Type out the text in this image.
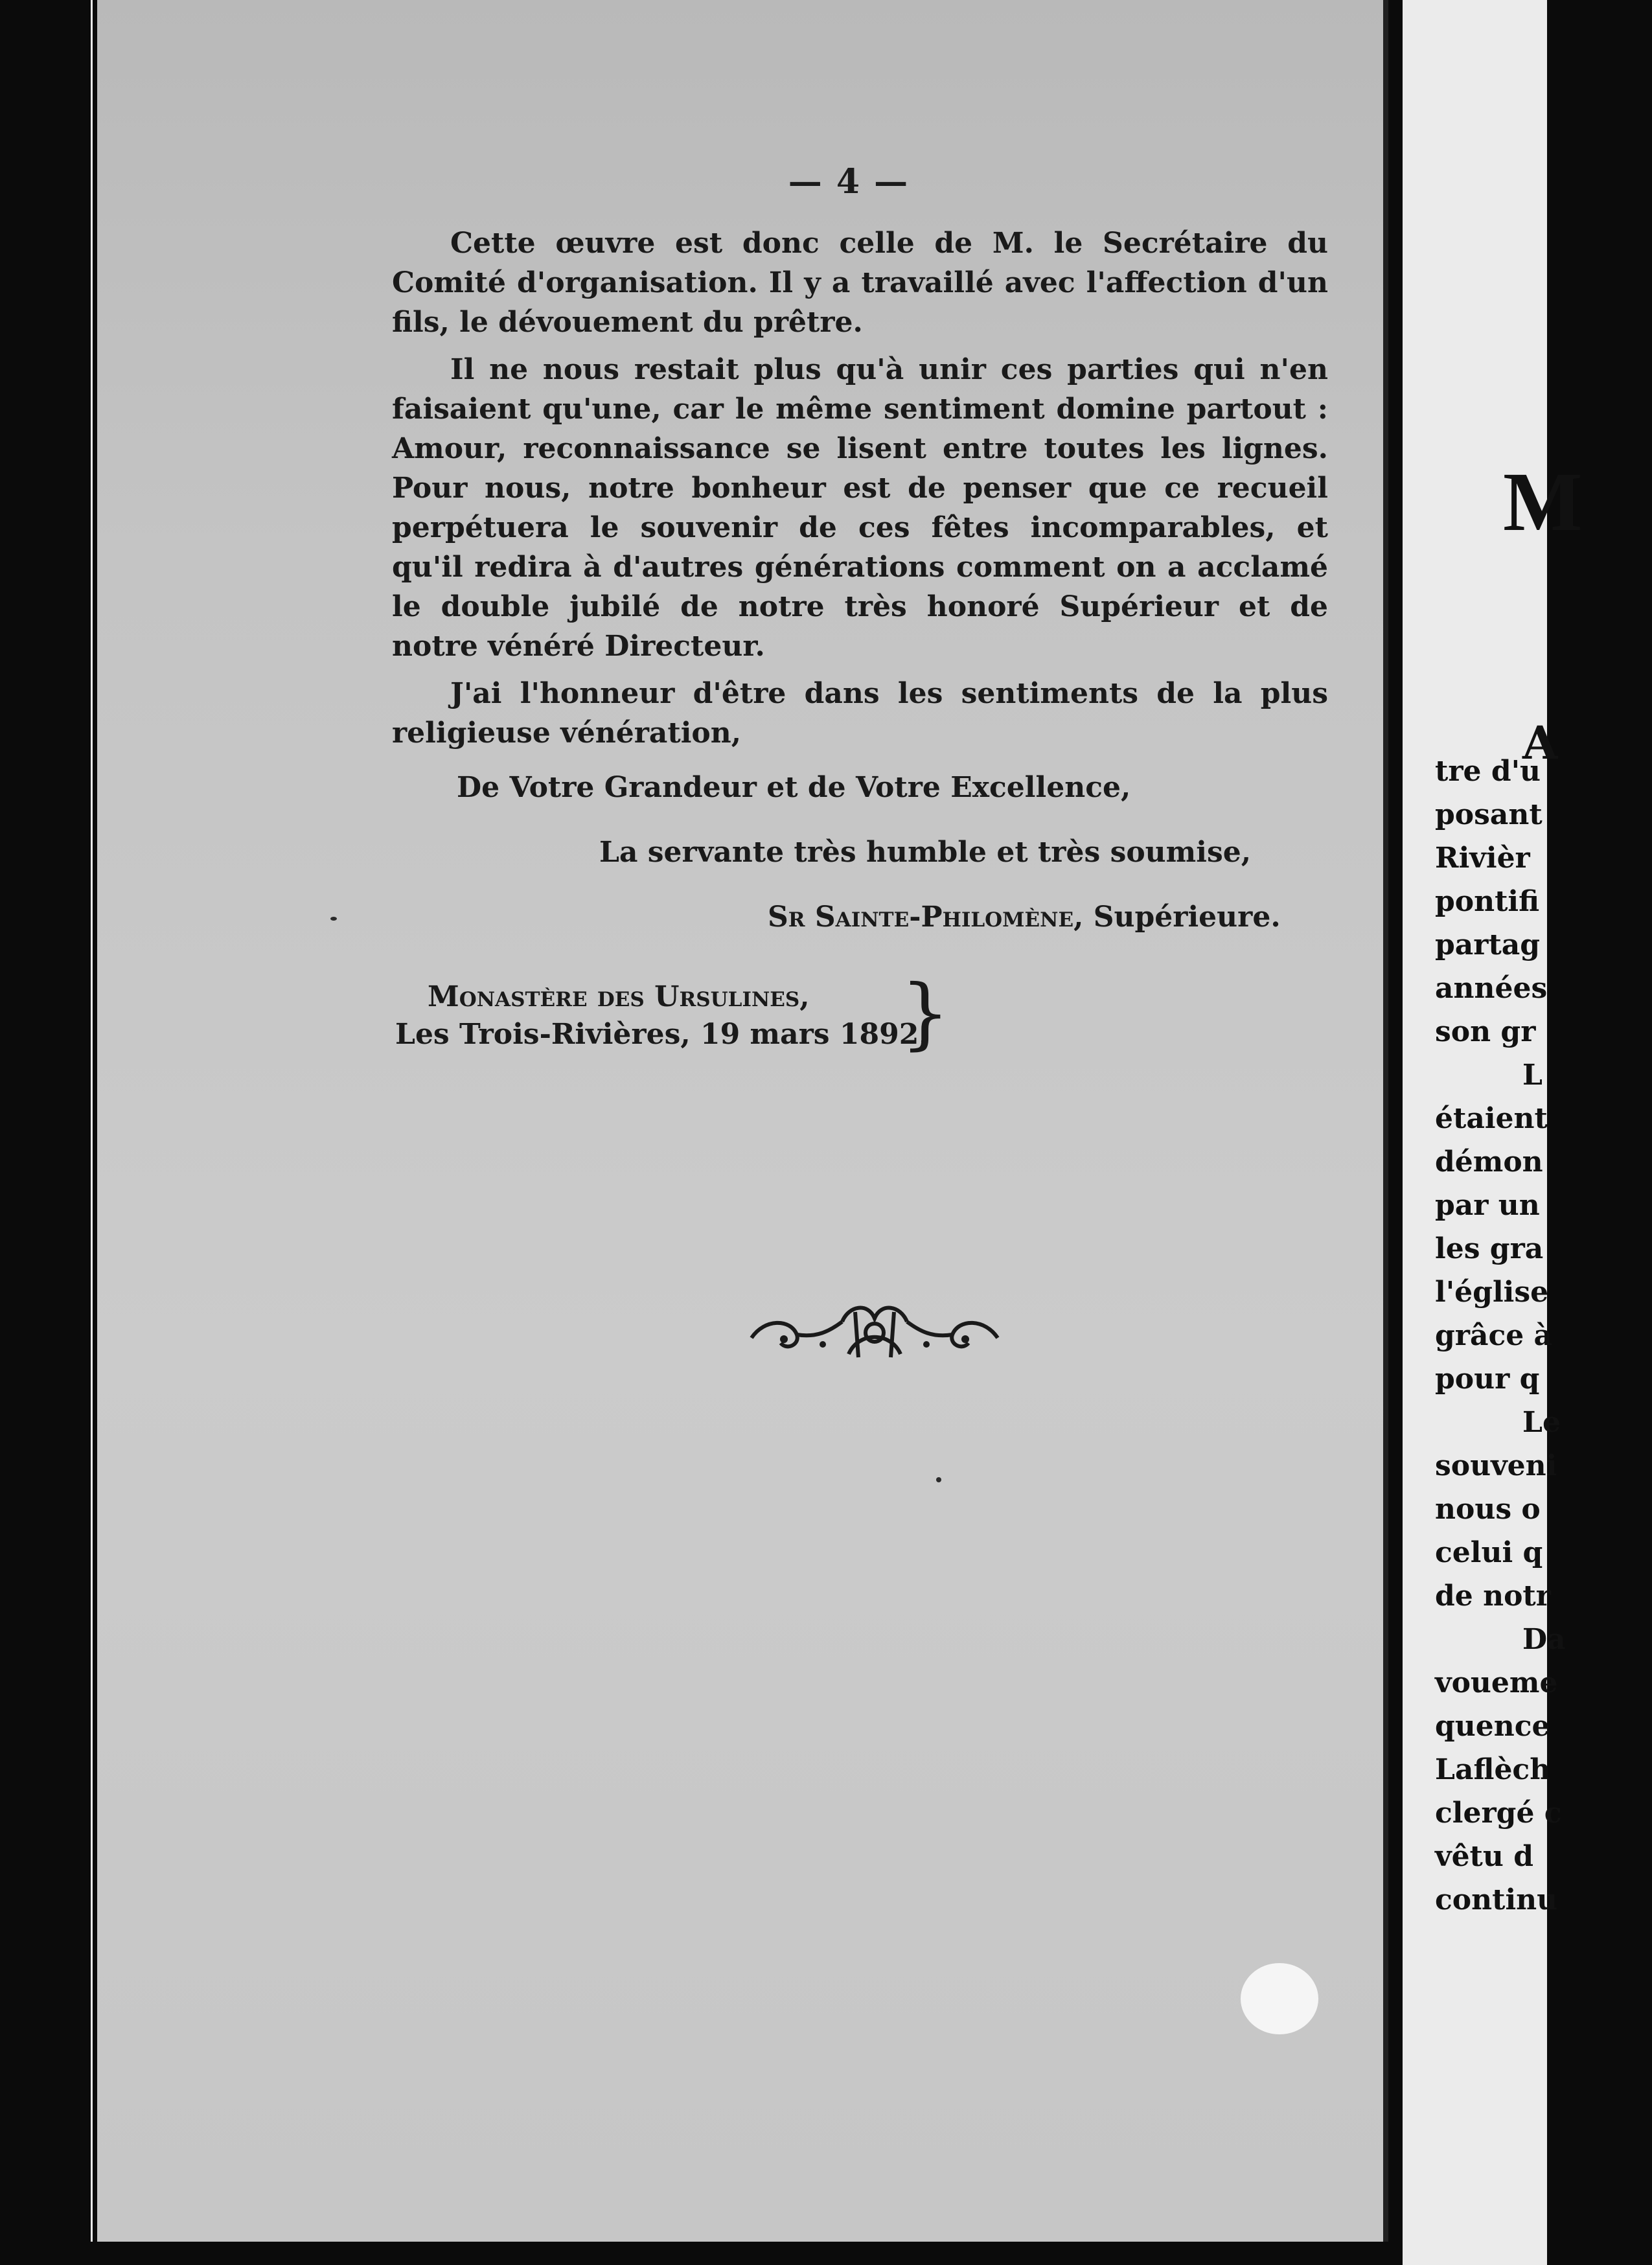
— 4 —

Cette œuvre est donc celle de M. le Secrétaire du Comité d'organisation. Il y a travaillé avec l'affection d'un fils, le dévouement du prêtre.

Il ne nous restait plus qu'à unir ces parties qui n'en faisaient qu'une, car le même sentiment domine partout : Amour, reconnaissance se lisent entre toutes les lignes. Pour nous, notre bonheur est de penser que ce recueil perpétuera le souvenir de ces fêtes incomparables, et qu'il redira à d'autres générations comment on a acclamé le double jubilé de notre très honoré Supérieur et de notre vénéré Directeur.

J'ai l'honneur d'être dans les sentiments de la plus religieuse vénération,

De Votre Grandeur et de Votre Excellence,
La servante très humble et très soumise,
Sr Sainte-Philomène, Supérieure.
Monastère des Ursulines,
Les Trois-Rivières, 19 mars 1892.
}
M
A
tre d'u
posant
Rivièr
pontifi
partag
années
son gr
L
étaient
démon
par un
les gra
l'église
grâce à
pour q
Le
souveni
nous o
celui q
de notr
Da
voueme
quence
Laflèch
clergé c
vêtu d
continu
